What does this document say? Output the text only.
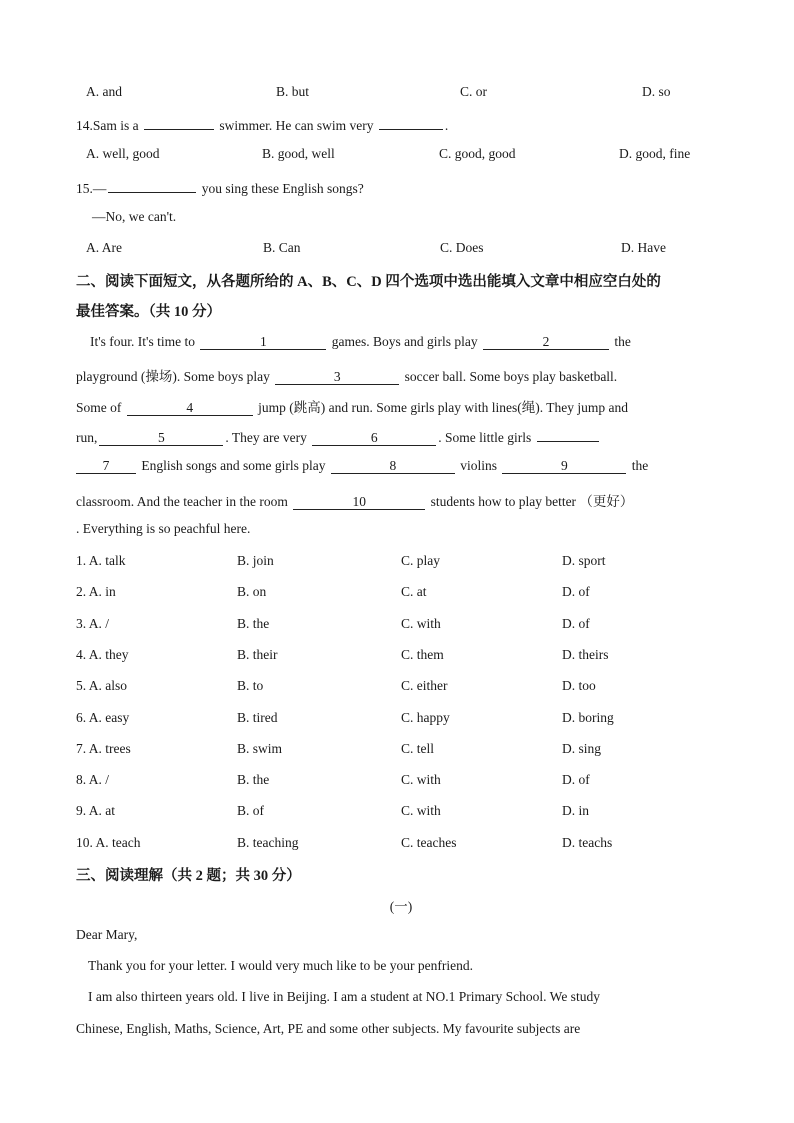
A. and	B. but	C. or	D. so
14.Sam is a	swimmer. He can swim very	.
A. well, good	B. good, well	C. good, good	D. good, fine
15.—	you sing these English songs?
—No, we can't.
A. Are	B. Can	C. Does	D. Have
二、阅读下面短文，从各题所给的 A、B、C、D 四个选项中选出能填入文章中相应空白处的
最佳答案。（共 10 分）
It's four. It's time to	1	games. Boys and girls play	2	the
playground (操场). Some boys play	3	soccer ball. Some boys play basketball.
Some of	4	jump (跳高) and run. Some girls play with lines(绳). They jump and
run,	5	. They are very	6	. Some little girls
7 English songs and some girls play	8	violins	9	the
classroom. And the teacher in the room	10	students how to play better （更好）
. Everything is so peachful here.
1. A. talk	B. join	C. play	D. sport
2. A. in	B. on	C. at	D. of
3. A. /	B. the	C. with	D. of
4. A. they	B. their	C. them	D. theirs
5. A. also	B. to	C. either	D. too
6. A. easy	B. tired	C. happy	D. boring
7. A. trees	B. swim	C. tell	D. sing
8. A. /	B. the	C. with	D. of
9. A. at	B. of	C. with	D. in
10. A. teach	B. teaching	C. teaches	D. teachs
三、阅读理解（共 2 题；共 30 分）
(一)
Dear Mary,
Thank you for your letter. I would very much like to be your penfriend.
I am also thirteen years old. I live in Beijing. I am a student at NO.1 Primary School. We study
Chinese, English, Maths, Science, Art, PE and some other subjects. My favourite subjects are
